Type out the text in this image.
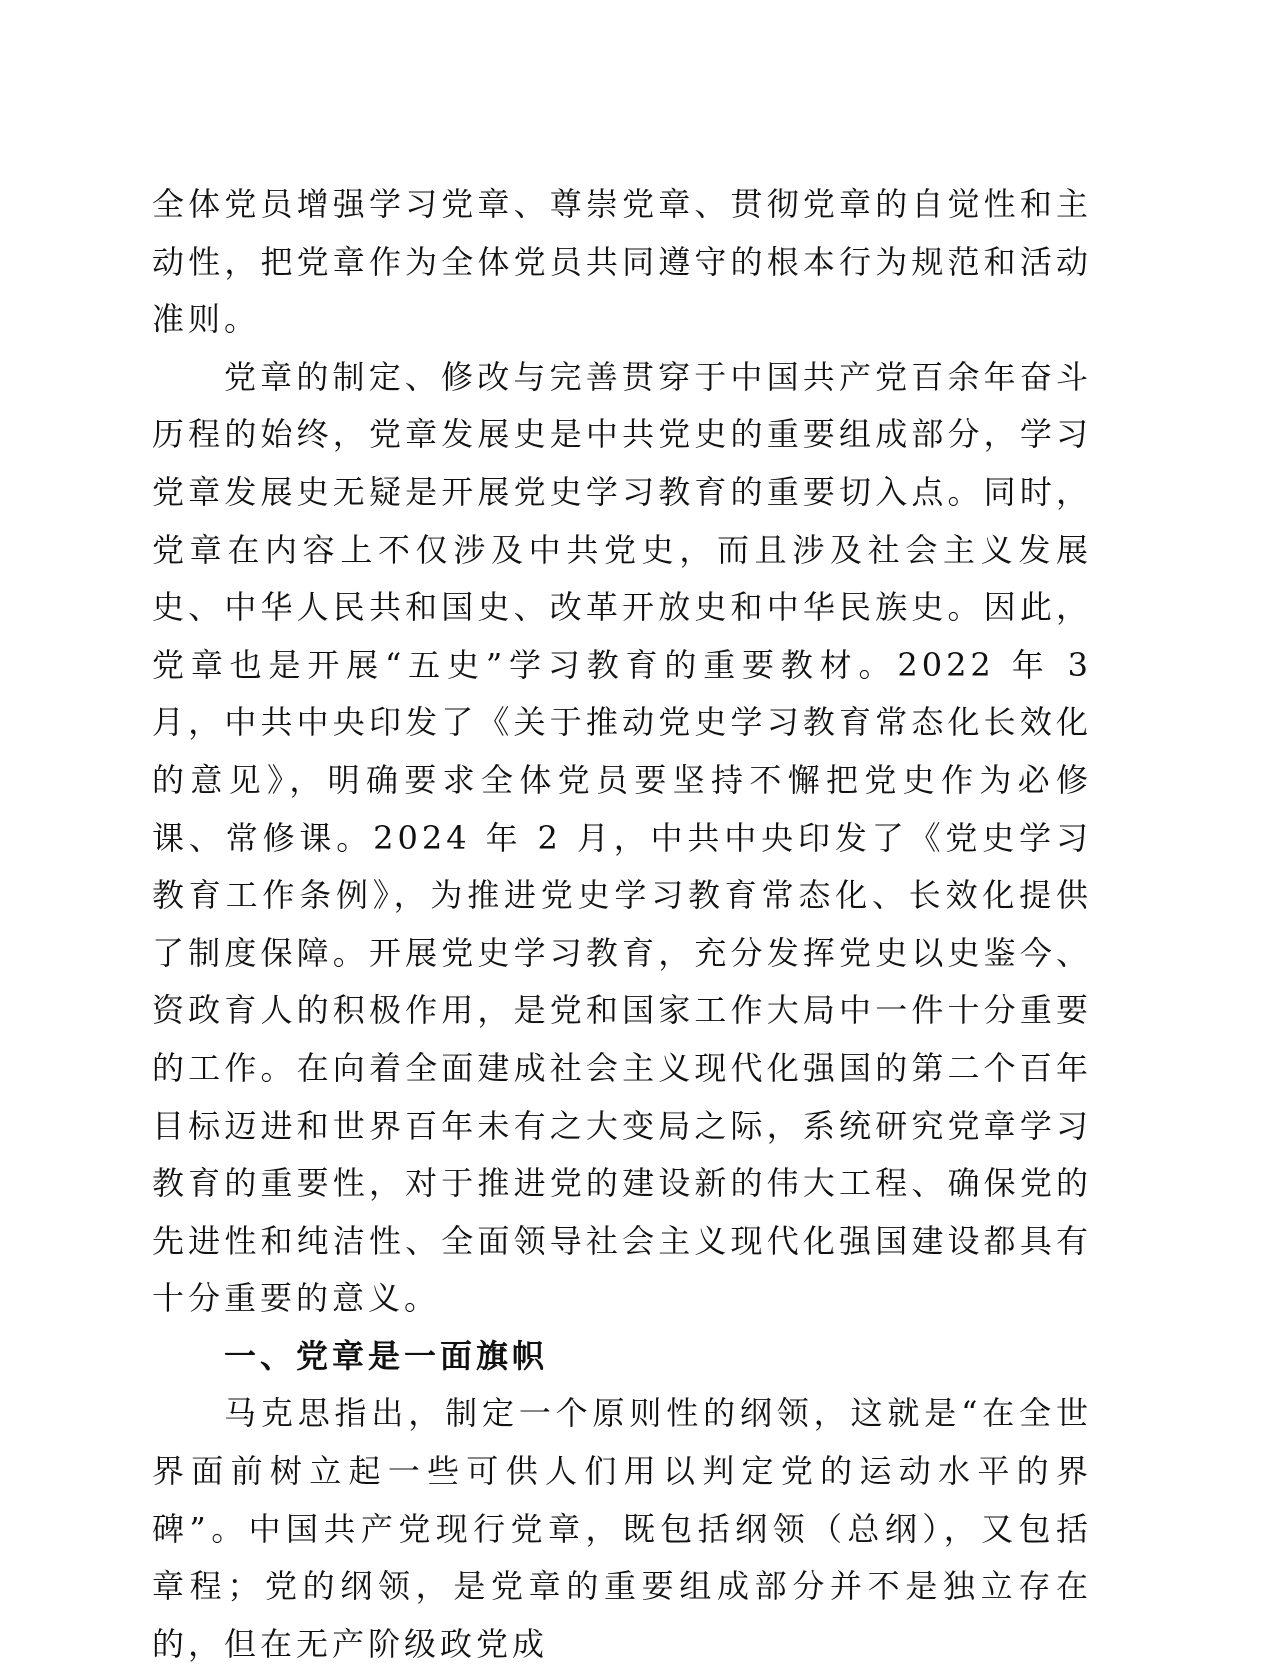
全体党员增强学习党章、尊崇党章、贯彻党章的自觉性和主动性，把党章作为全体党员共同遵守的根本行为规范和活动准则。

党章的制定、修改与完善贯穿于中国共产党百余年奋斗历程的始终，党章发展史是中共党史的重要组成部分，学习党章发展史无疑是开展党史学习教育的重要切入点。同时，党章在内容上不仅涉及中共党史，而且涉及社会主义发展史、中华人民共和国史、改革开放史和中华民族史。因此，党章也是开展“五史”学习教育的重要教材。2022 年 3月，中共中央印发了《关于推动党史学习教育常态化长效化的意见》，明确要求全体党员要坚持不懈把党史作为必修课、常修课。2024 年 2 月，中共中央印发了《党史学习教育工作条例》，为推进党史学习教育常态化、长效化提供了制度保障。开展党史学习教育，充分发挥党史以史鉴今、资政育人的积极作用，是党和国家工作大局中一件十分重要的工作。在向着全面建成社会主义现代化强国的第二个百年目标迈进和世界百年未有之大变局之际，系统研究党章学习教育的重要性，对于推进党的建设新的伟大工程、确保党的先进性和纯洁性、全面领导社会主义现代化强国建设都具有十分重要的意义。

一、党章是一面旗帜

马克思指出，制定一个原则性的纲领，这就是“在全世界面前树立起一些可供人们用以判定党的运动水平的界碑”。中国共产党现行党章，既包括纲领（总纲），又包括章程；党的纲领，是党章的重要组成部分并不是独立存在的，但在无产阶级政党成
